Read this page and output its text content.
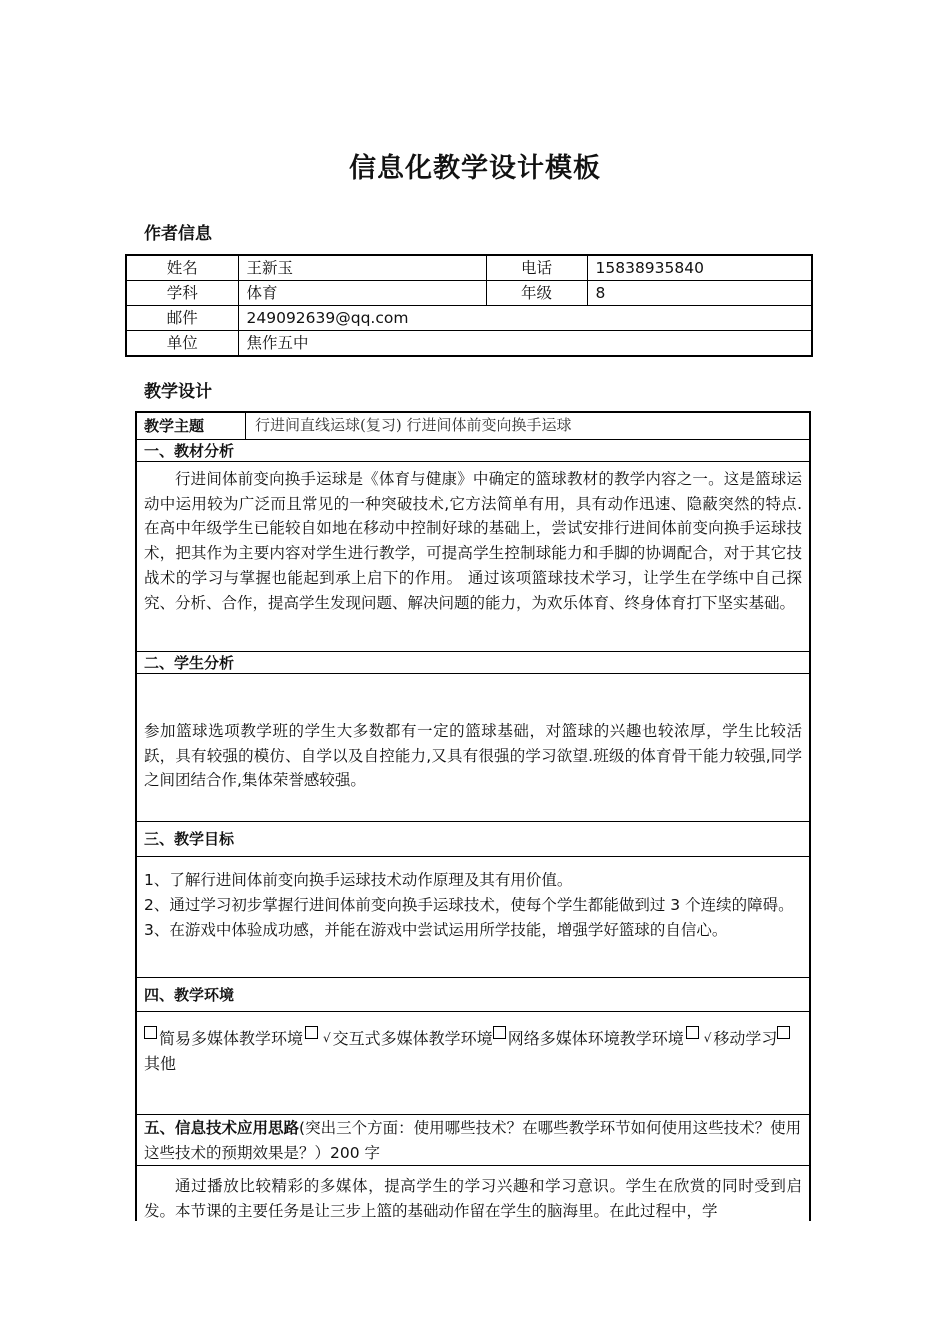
信息化教学设计模板
作者信息
姓名	王新玉	电话	15838935840
学科	体育	年级	8
邮件	249092639@qq.com		
单位	焦作五中		
教学设计
教学主题	行进间直线运球(复习) 行进间体前变向换手运球
一、教材分析
行进间体前变向换手运球是《体育与健康》中确定的篮球教材的教学内容之一。这是篮球运动中运用较为广泛而且常见的一种突破技术,它方法简单有用，具有动作迅速、隐蔽突然的特点.在高中年级学生已能较自如地在移动中控制好球的基础上，尝试安排行进间体前变向换手运球技术，把其作为主要内容对学生进行教学，可提高学生控制球能力和手脚的协调配合，对于其它技战术的学习与掌握也能起到承上启下的作用。 通过该项篮球技术学习，让学生在学练中自己探究、分析、合作，提高学生发现问题、解决问题的能力，为欢乐体育、终身体育打下坚实基础。
二、学生分析
参加篮球选项教学班的学生大多数都有一定的篮球基础，对篮球的兴趣也较浓厚，学生比较活跃，具有较强的模仿、自学以及自控能力,又具有很强的学习欲望.班级的体育骨干能力较强,同学之间团结合作,集体荣誉感较强。
三、教学目标
1、 了解行进间体前变向换手运球技术动作原理及其有用价值。
2、 通过学习初步掌握行进间体前变向换手运球技术，使每个学生都能做到过 3 个连续的障碍。
3、 在游戏中体验成功感，并能在游戏中尝试运用所学技能，增强学好篮球的自信心。
四、教学环境
简易多媒体教学环境 √ 交互式多媒体教学环境 网络多媒体环境教学环境 √ 移动学习
其他
五、信息技术应用思路(突出三个方面：使用哪些技术？在哪些教学环节如何使用这些技术？使用这些技术的预期效果是？）200 字
通过播放比较精彩的多媒体，提高学生的学习兴趣和学习意识。学生在欣赏的同时受到启发。本节课的主要任务是让三步上篮的基础动作留在学生的脑海里。在此过程中，学
